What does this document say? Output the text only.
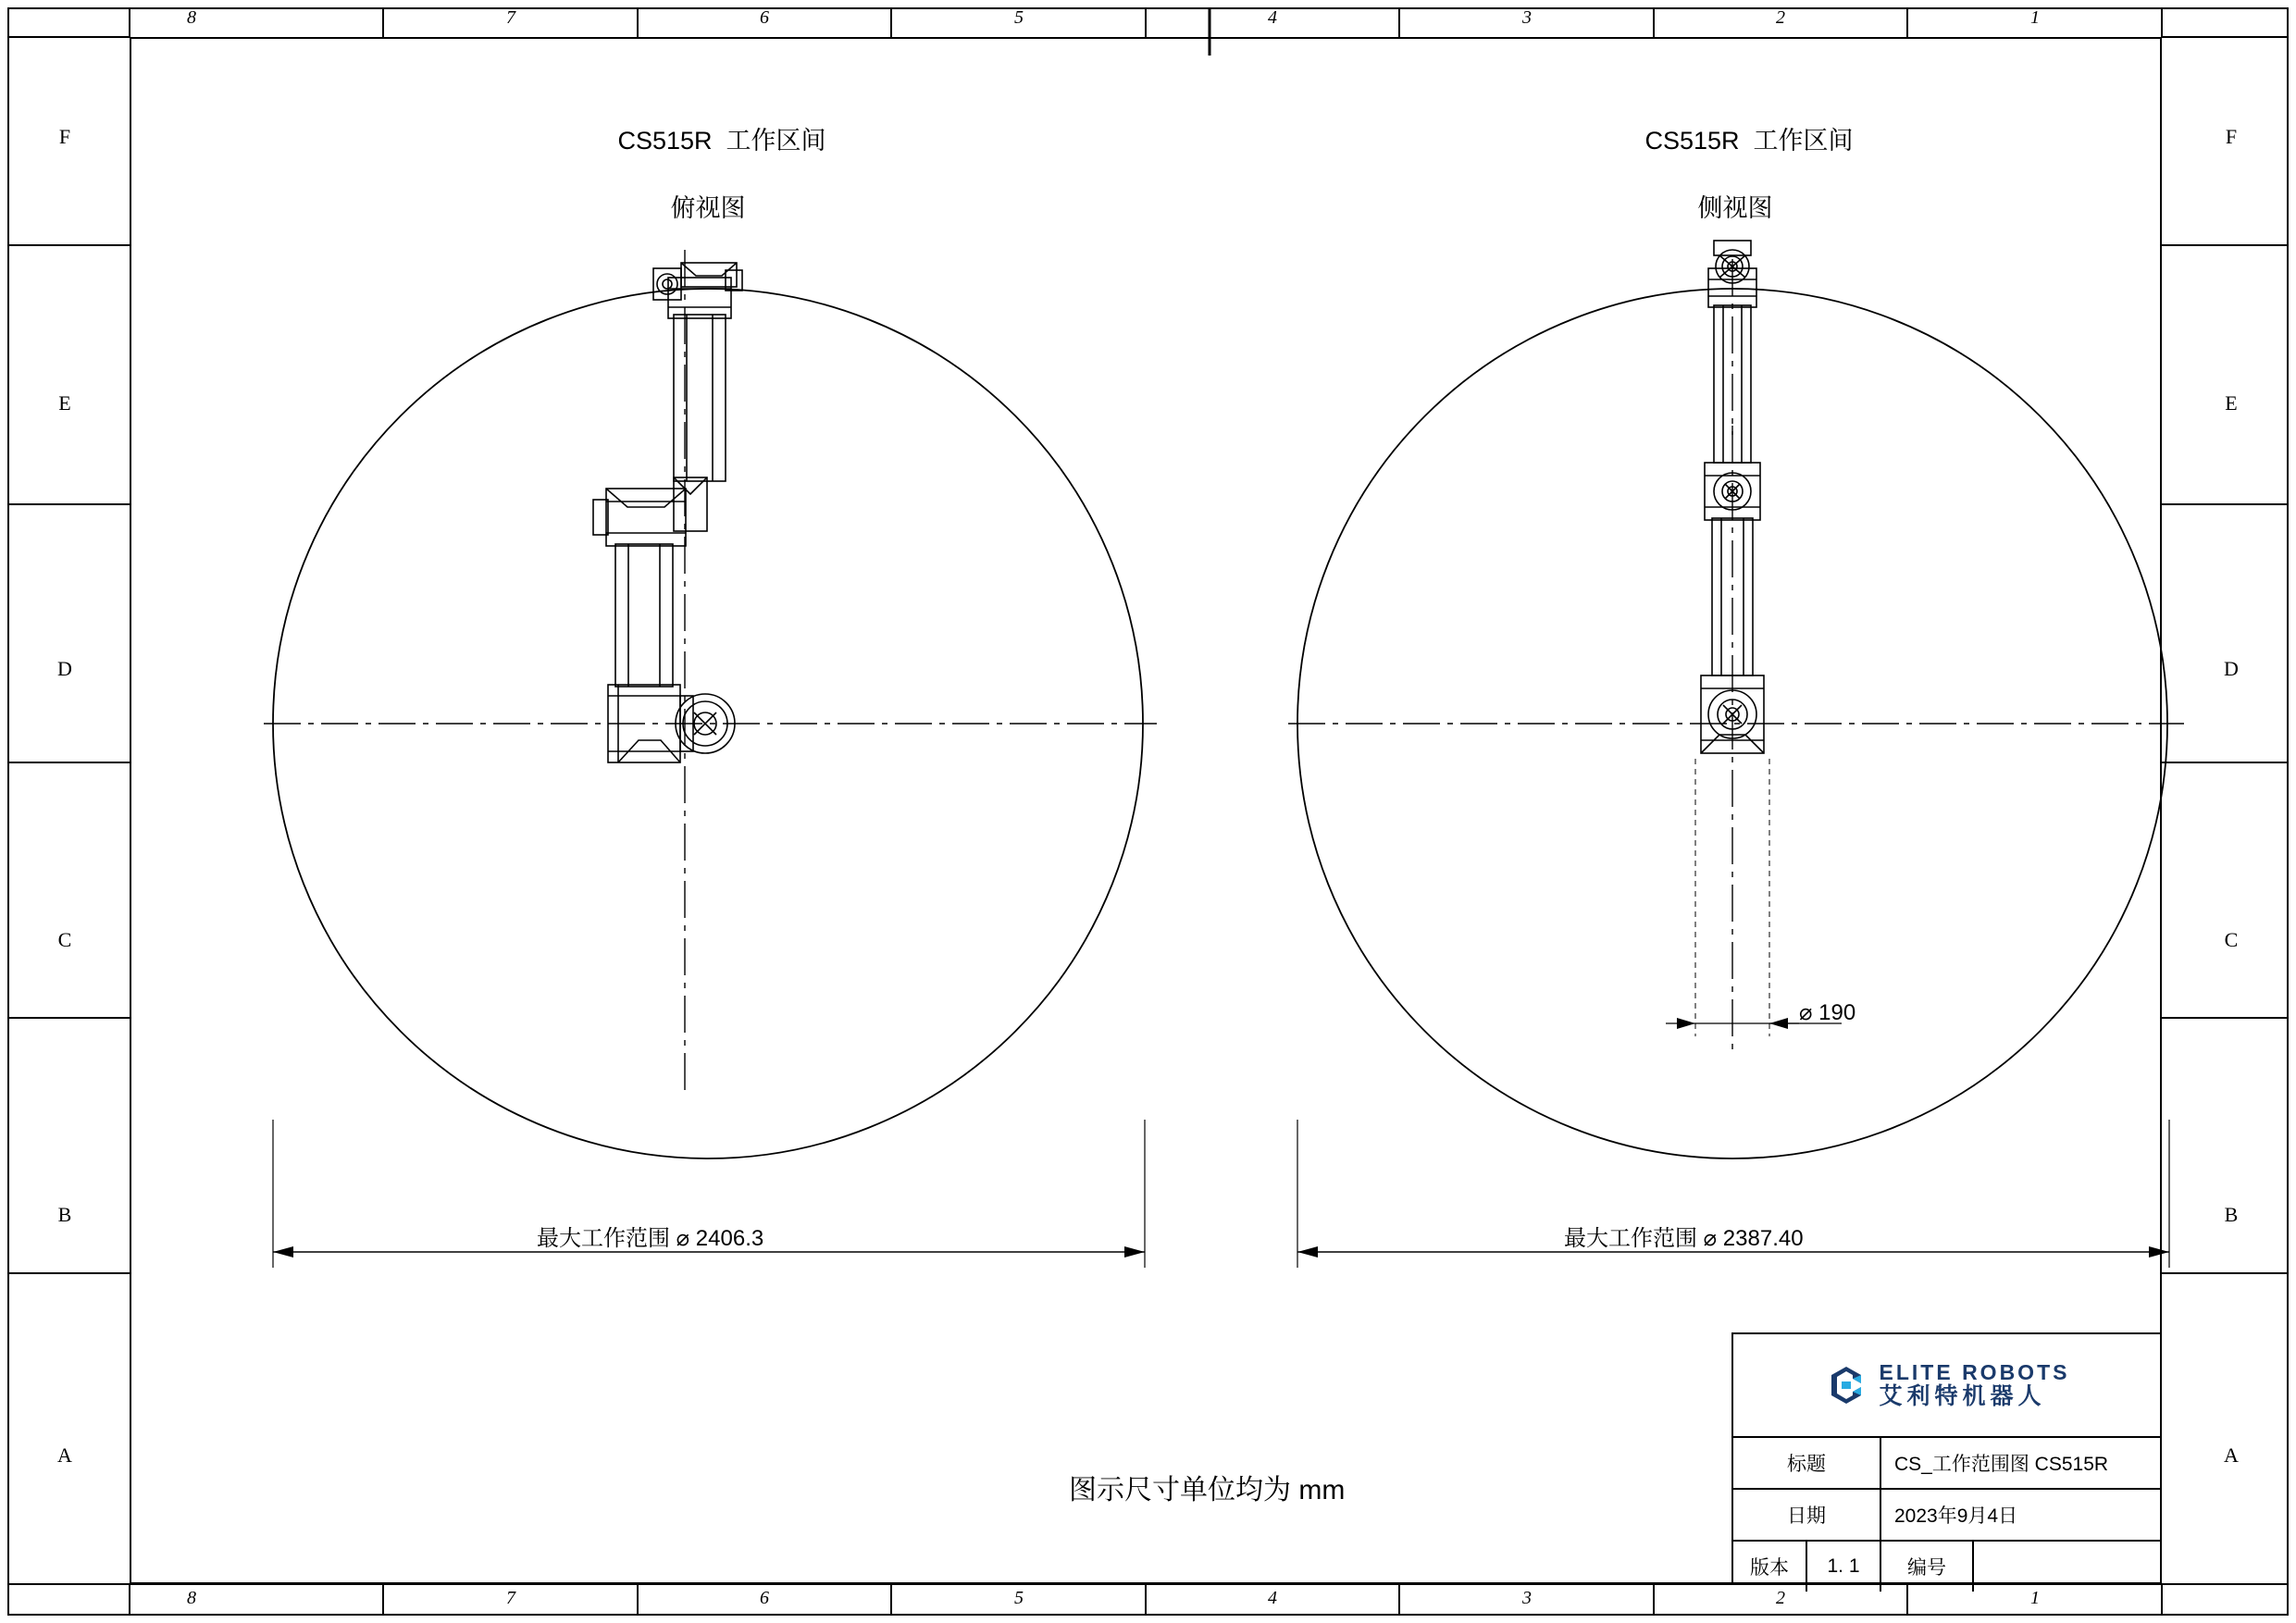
8	7	6	5	4	3	2	1
8	7	6	5	4	3	2	1
F
E
D
C
B
A
F
E
D
C
B
A

CS515R  工作区间

俯视图

CS515R  工作区间

侧视图

最大工作范围 ⌀ 2406.3	最大工作范围 ⌀ 2387.40
⌀ 190
图示尺寸单位均为 mm
ELITE ROBOTS
艾利特机器人
标题	CS_工作范围图 CS515R
日期	2023年9月4日
版本	1. 1	编号
